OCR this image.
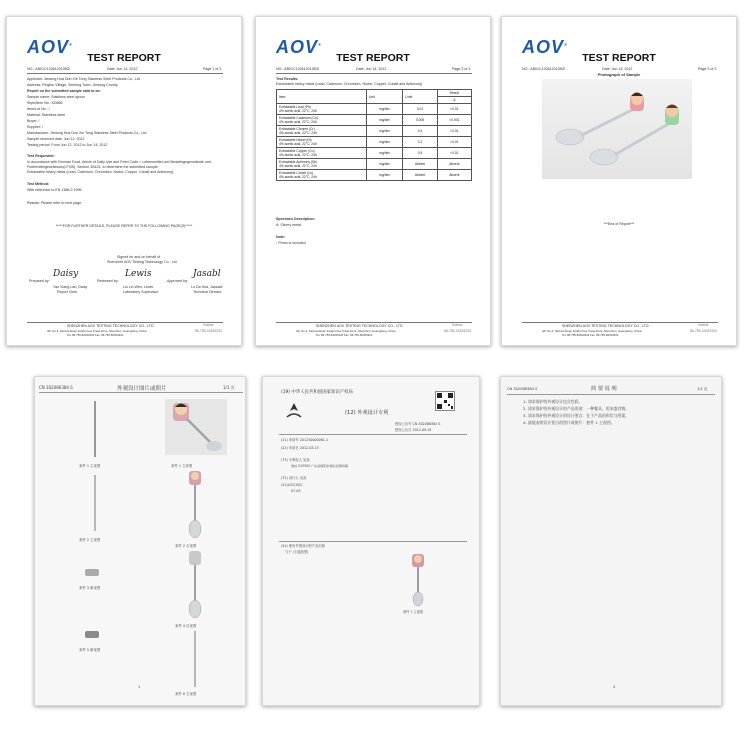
AOV®
TEST REPORT
NO.: AB01C1206120128GI	Date: Jun 14, 2012	Page 1 of 3
Applicant: Jiedong Hua Dun Xin Tong Stainless Steel Products Co., Ltd
Address: Pingtou Village, Xinheng Town, Jiedong County
Report on the submitted sample said to be:
Sample name: Stainless steel spoon
Style/Item No.: KD566
Item/Lot No.: /
Material: Stainless steel
Buyer: /
Supplier: /
Manufacturer: Jiedong Hua Dun Xin Tong Stainless Steel Products Co., Ltd
Sample received date: Jun 12, 2012
Testing period: From Jun 12, 2012 to Jun 14, 2012
Test Requested:
In accordance with German Food, Article of Daily Use and Feed Code = Lebensmittel und Bedarfsgegenstände und
Futtermittelgesetzbuch(LFGB), Section 30&31, to determine the submitted sample:
Extractable heavy metal (Lead, Cadmium, Chromium, Nickel, Copper, Cobalt and Antimony).
Test Method:
With reference to EN 1388-2:1996
Results: Please refer to next page
*****FOR FURTHER DETAILS, PLEASE REFER TO THE FOLLOWING PAGE(S)*****
Signed for and on behalf of
Shenzhen AOV Testing Technology Co., Ltd
Prepared by:
Daisy
Yao Xiang Lan, Daisy
Report Clerk
Reviewed by:
Lewis
Liu Lin Wen, Lewis
Laboratory Supervisor
Approved by:
Jasabl
Lu Da Hua, Jassabl
Technical Director
SHENZHEN AOV TESTING TECHNOLOGY CO., LTD
4/F, No.3, Taohua Road, Futian Free Trade Zone, Shenzhen, Guangdong, China
Tel: 86-755-83333333 Fax: 86-755-83333333
Hotline
86-755-33333333
AOV®
TEST REPORT
NO.: AB01C1206120128GI	Date: Jun 14, 2012	Page 2 of 3
Test Results:
Extractable heavy metal (Lead, Cadmium, Chromium, Nickel, Copper, Cobalt and Antimony)
Item	Unit	Limit	Result
			A

Extractable Lead (Pb)
4% acetic acid, 22°C, 24h	mg/dm²	0.01	<0.01

Extractable Cadmium (Cd)
4% acetic acid, 22°C, 24h	mg/dm²	0.005	<0.001

Extractable Chrome (Cr)
4% acetic acid, 22°C, 24h	mg/dm²	0.4	<0.01

Extractable Nickel (Ni)
4% acetic acid, 22°C, 24h	mg/dm²	0.1	<0.01

Extractable Copper (Cu)
4% acetic acid, 22°C, 24h	mg/dm²	0.5	<0.01

Extractable Antimony (Sb)
4% acetic acid, 22°C, 24h	mg/dm²	Absent	Absent

Extractable Cobalt (Co)
4% acetic acid, 22°C, 24h	mg/dm²	Absent	Absent
Specimen Description:
A: Silvery metal
Note:
- Photo is included
SHENZHEN AOV TESTING TECHNOLOGY CO., LTD
4/F, No.3, Taohua Road, Futian Free Trade Zone, Shenzhen, Guangdong, China
Tel: 86-755-83333333 Fax: 86-755-83333333
Hotline
86-755-33333333
AOV®
TEST REPORT
NO.: AB01C1206120128GI	Date: Jun 14, 2012	Page 3 of 3
Photograph of Sample
***End of Report***
SHENZHEN AOV TESTING TECHNOLOGY CO., LTD
4/F, No.3, Taohua Road, Futian Free Trade Zone, Shenzhen, Guangdong, China
Tel: 86-755-83333333 Fax: 86-755-83333333
Hotline
86-755-33333333
CN 302086384 S	外观设计图片或照片	1/1 页
套件 1 主视图	套件 1 立体图
套件 2 主视图
套件 2 右视图
套件 3 俯视图
套件 4 后视图
套件 5 俯视图
套件 6 左视图
1
(19) 中华人民共和国国家知识产权局
(12) 外观设计专利
授权公告号 CN 302086384 S
授权公告日 2012.09.19
(21) 申请号 201230000081.1
(22) 申请日 2012.03.13
(73) 专利权人 吴炎
地址 515500 广东省揭阳市揭东县锡场镇
(72) 设计人 吴炎
(51)LOC(9)Cl.
07-03
(54) 使用外观设计的产品名称
勺子 (卡通造型)
套件 1 主视图
CN 302086384 S	简 要 说 明	1/1 页
1. 请求保护的外观设计包含色彩。
2. 请求保护的外观设计的产品用途：一种餐具，用来盛食物。
3. 请求保护的外观设计的设计要点：在于产品的形状与图案。
4. 最能表明设计要点的图片或照片：套件 1 主视图。
4
